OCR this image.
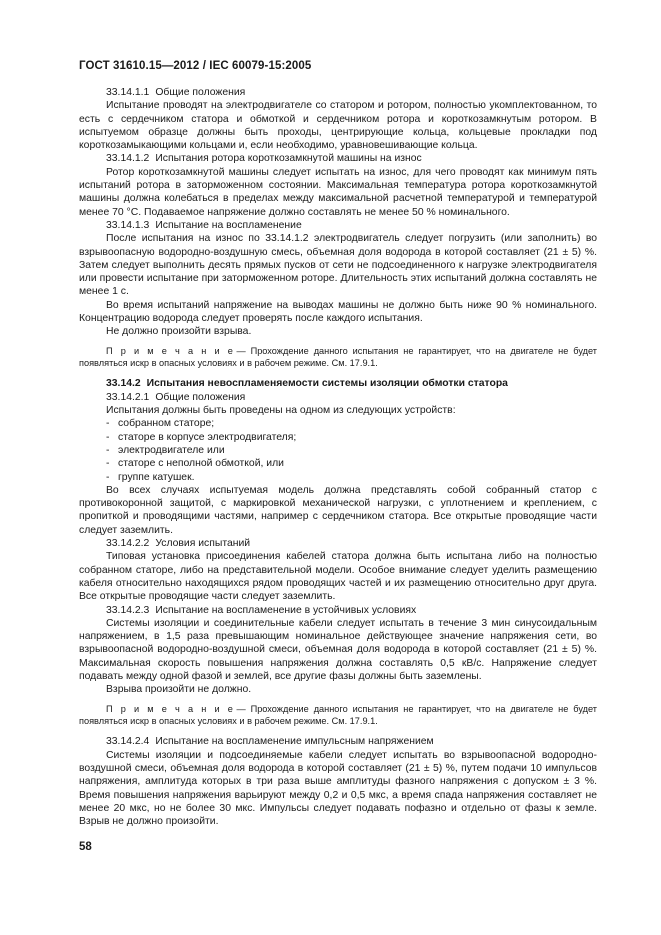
ГОСТ 31610.15—2012 / IEC 60079-15:2005

33.14.1.1 Общие положения

Испытание проводят на электродвигателе со статором и ротором, полностью укомплектованном, то есть с сердечником статора и обмоткой и сердечником ротора и короткозамкнутым ротором. В испытуемом образце должны быть проходы, центрирующие кольца, кольцевые прокладки под короткозамыкающими кольцами и, если необходимо, уравновешивающие кольца.

33.14.1.2 Испытания ротора короткозамкнутой машины на износ

Ротор короткозамкнутой машины следует испытать на износ, для чего проводят как минимум пять испытаний ротора в заторможенном состоянии. Максимальная температура ротора короткозамкнутой машины должна колебаться в пределах между максимальной расчетной температурой и температурой менее 70 °С. Подаваемое напряжение должно составлять не менее 50 % номинального.

33.14.1.3 Испытание на воспламенение

После испытания на износ по 33.14.1.2 электродвигатель следует погрузить (или заполнить) во взрывоопасную водородно-воздушную смесь, объемная доля водорода в которой составляет (21 ± 5) %. Затем следует выполнить десять прямых пусков от сети не подсоединенного к нагрузке электродвигателя или провести испытание при заторможенном роторе. Длительность этих испытаний должна составлять не менее 1 с.

Во время испытаний напряжение на выводах машины не должно быть ниже 90 % номинального. Концентрацию водорода следует проверять после каждого испытания.

Не должно произойти взрыва.

П р и м е ч а н и е — Прохождение данного испытания не гарантирует, что на двигателе не будет появляться искр в опасных условиях и в рабочем режиме. См. 17.9.1.

33.14.2 Испытания невоспламеняемости системы изоляции обмотки статора

33.14.2.1 Общие положения

Испытания должны быть проведены на одном из следующих устройств:

- собранном статоре;

- статоре в корпусе электродвигателя;

- электродвигателе или

- статоре с неполной обмоткой, или

- группе катушек.

Во всех случаях испытуемая модель должна представлять собой собранный статор с противокоронной защитой, с маркировкой механической нагрузки, с уплотнением и креплением, с пропиткой и проводящими частями, например с сердечником статора. Все открытые проводящие части следует заземлить.

33.14.2.2 Условия испытаний

Типовая установка присоединения кабелей статора должна быть испытана либо на полностью собранном статоре, либо на представительной модели. Особое внимание следует уделить размещению кабеля относительно находящихся рядом проводящих частей и их размещению относительно друг друга. Все открытые проводящие части следует заземлить.

33.14.2.3 Испытание на воспламенение в устойчивых условиях

Системы изоляции и соединительные кабели следует испытать в течение 3 мин синусоидальным напряжением, в 1,5 раза превышающим номинальное действующее значение напряжения сети, во взрывоопасной водородно-воздушной смеси, объемная доля водорода в которой составляет (21 ± 5) %. Максимальная скорость повышения напряжения должна составлять 0,5 кВ/с. Напряжение следует подавать между одной фазой и землей, все другие фазы должны быть заземлены.

Взрыва произойти не должно.

П р и м е ч а н и е — Прохождение данного испытания не гарантирует, что на двигателе не будет появляться искр в опасных условиях и в рабочем режиме. См. 17.9.1.

33.14.2.4 Испытание на воспламенение импульсным напряжением

Системы изоляции и подсоединяемые кабели следует испытать во взрывоопасной водородно-воздушной смеси, объемная доля водорода в которой составляет (21 ± 5) %, путем подачи 10 импульсов напряжения, амплитуда которых в три раза выше амплитуды фазного напряжения с допуском ± 3 %. Время повышения напряжения варьируют между 0,2 и 0,5 мкс, а время спада напряжения составляет не менее 20 мкс, но не более 30 мкс. Импульсы следует подавать пофазно и отдельно от фазы к земле. Взрыв не должно произойти.

58
